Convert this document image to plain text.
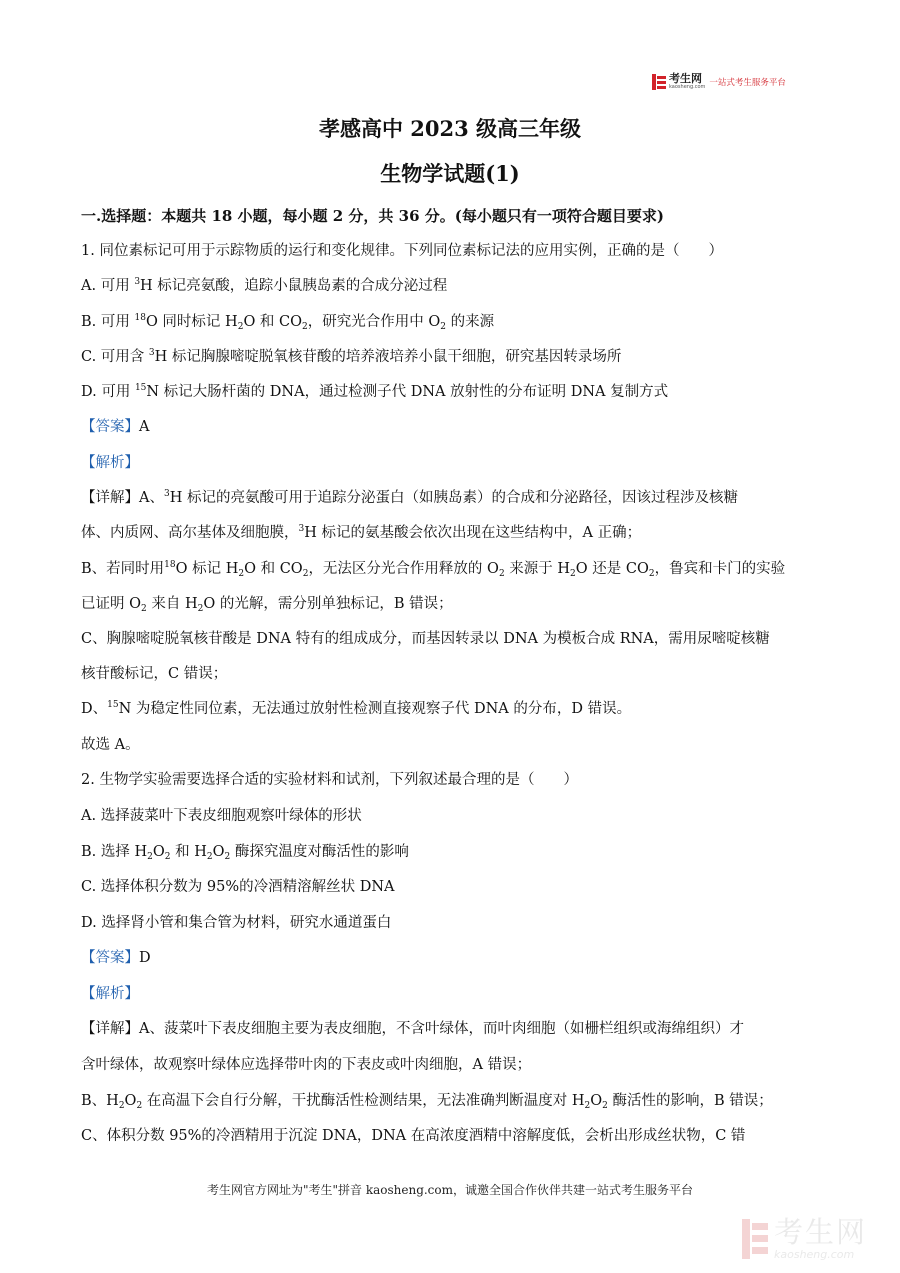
考生网
kaosheng.com 一站式考生服务平台
孝感高中 2023 级高三年级
生物学试题(1)
一.选择题：本题共 18 小题，每小题 2 分，共 36 分。(每小题只有一项符合题目要求)
1. 同位素标记可用于示踪物质的运行和变化规律。下列同位素标记法的应用实例，正确的是（　　）
A. 可用 $^3$H 标记亮氨酸，追踪小鼠胰岛素的合成分泌过程
B. 可用 $^{18}$O 同时标记 $H_2O$ 和 $CO_2$，研究光合作用中 $O_2$ 的来源
C. 可用含 $^3$H 标记胸腺嘧啶脱氧核苷酸的培养液培养小鼠干细胞，研究基因转录场所
D. 可用 $^{15}$N 标记大肠杆菌的 DNA，通过检测子代 DNA 放射性的分布证明 DNA 复制方式
【答案】A
【解析】
【详解】A、$^3$H 标记的亮氨酸可用于追踪分泌蛋白（如胰岛素）的合成和分泌路径，因该过程涉及核糖
体、内质网、高尔基体及细胞膜，$^3$H 标记的氨基酸会依次出现在这些结构中，A 正确；
B、若同时用$^{18}$O 标记 $H_2O$ 和 $CO_2$，无法区分光合作用释放的 $O_2$ 来源于 $H_2O$ 还是 $CO_2$，鲁宾和卡门的实验
已证明 $O_2$ 来自 $H_2O$ 的光解，需分别单独标记，B 错误；
C、胸腺嘧啶脱氧核苷酸是 DNA 特有的组成成分，而基因转录以 DNA 为模板合成 RNA，需用尿嘧啶核糖
核苷酸标记，C 错误；
D、$^{15}$N 为稳定性同位素，无法通过放射性检测直接观察子代 DNA 的分布，D 错误。
故选 A。
2. 生物学实验需要选择合适的实验材料和试剂，下列叙述最合理的是（　　）
A. 选择菠菜叶下表皮细胞观察叶绿体的形状
B. 选择 $H_2O_2$ 和 $H_2O_2$ 酶探究温度对酶活性的影响
C. 选择体积分数为 95%的冷酒精溶解丝状 DNA
D. 选择肾小管和集合管为材料，研究水通道蛋白
【答案】D
【解析】
【详解】A、菠菜叶下表皮细胞主要为表皮细胞，不含叶绿体，而叶肉细胞（如栅栏组织或海绵组织）才
含叶绿体，故观察叶绿体应选择带叶肉的下表皮或叶肉细胞，A 错误；
B、$H_2O_2$ 在高温下会自行分解，干扰酶活性检测结果，无法准确判断温度对 $H_2O_2$ 酶活性的影响，B 错误；
C、体积分数 95%的冷酒精用于沉淀 DNA，DNA 在高浓度酒精中溶解度低，会析出形成丝状物，C 错
考生网官方网址为"考生"拼音 kaosheng.com，诚邀全国合作伙伴共建一站式考生服务平台
考生网
kaosheng.com
